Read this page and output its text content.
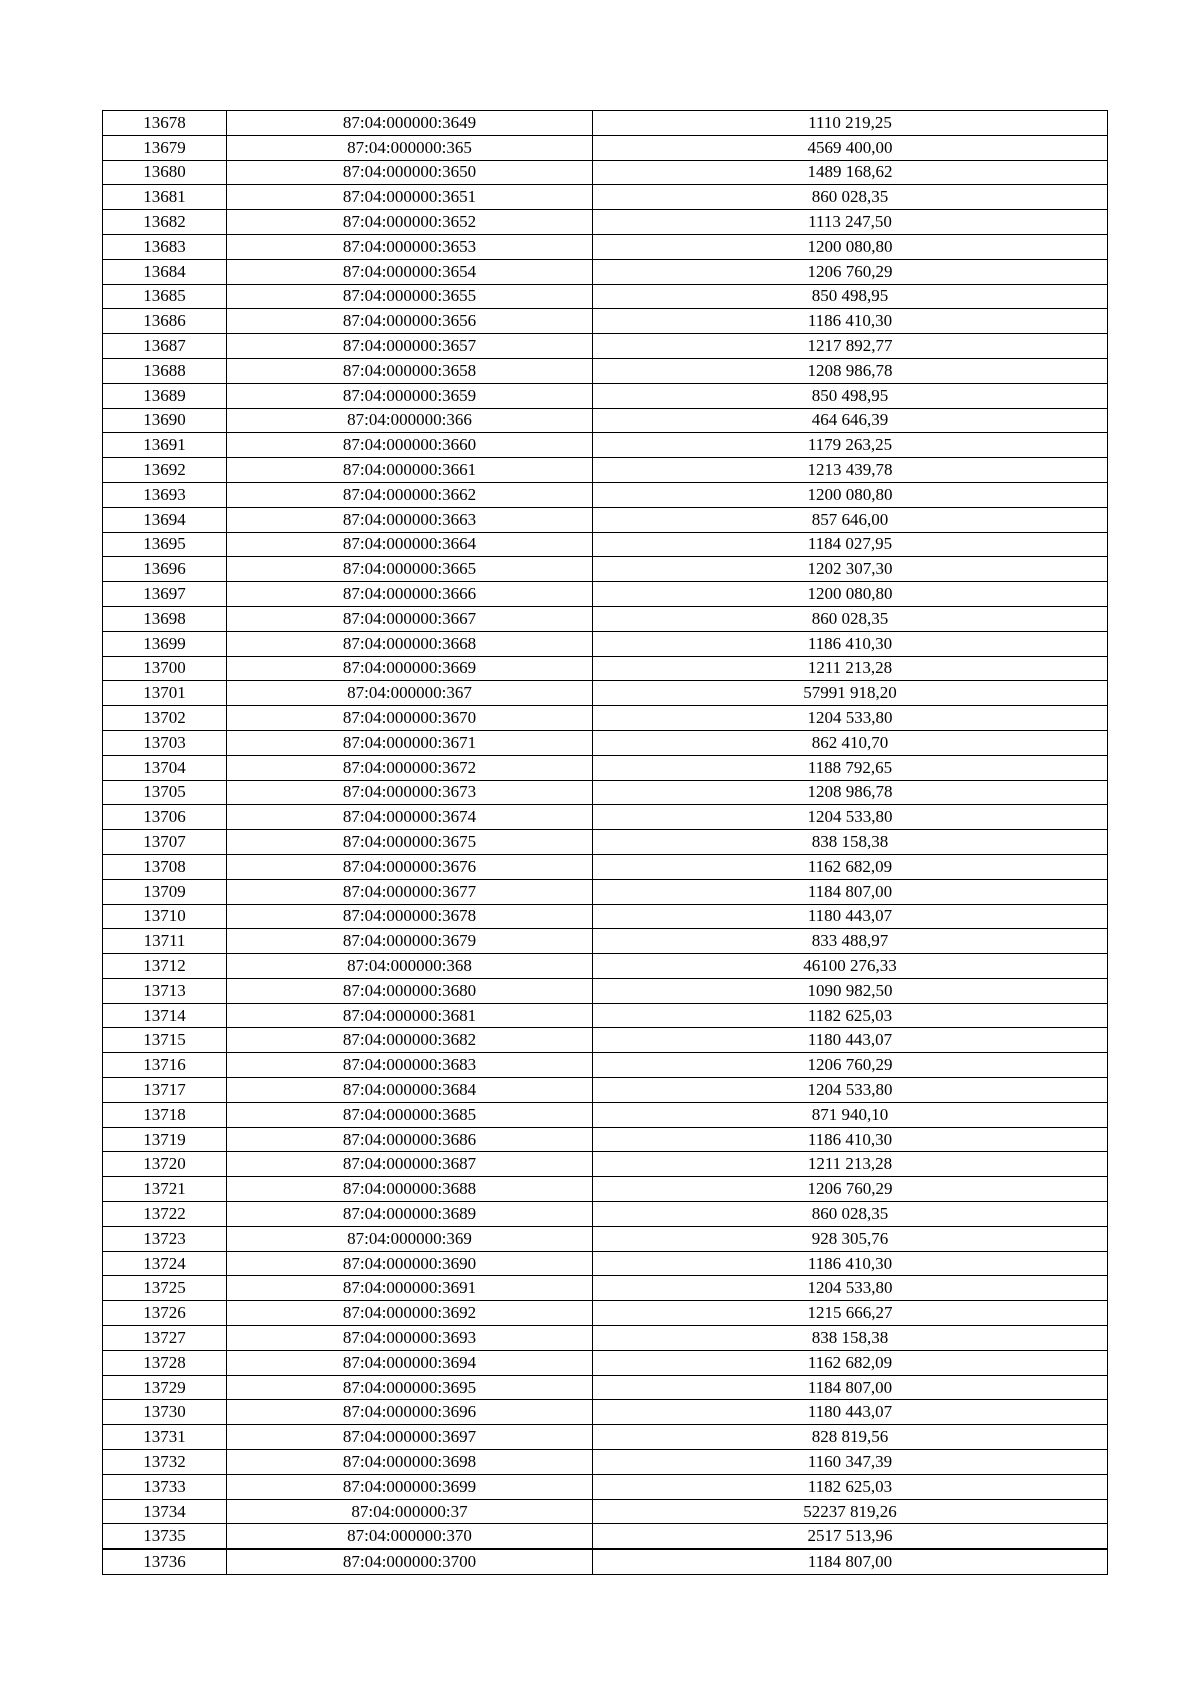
13678	87:04:000000:3649	1110 219,25
13679	87:04:000000:365	4569 400,00
13680	87:04:000000:3650	1489 168,62
13681	87:04:000000:3651	860 028,35
13682	87:04:000000:3652	1113 247,50
13683	87:04:000000:3653	1200 080,80
13684	87:04:000000:3654	1206 760,29
13685	87:04:000000:3655	850 498,95
13686	87:04:000000:3656	1186 410,30
13687	87:04:000000:3657	1217 892,77
13688	87:04:000000:3658	1208 986,78
13689	87:04:000000:3659	850 498,95
13690	87:04:000000:366	464 646,39
13691	87:04:000000:3660	1179 263,25
13692	87:04:000000:3661	1213 439,78
13693	87:04:000000:3662	1200 080,80
13694	87:04:000000:3663	857 646,00
13695	87:04:000000:3664	1184 027,95
13696	87:04:000000:3665	1202 307,30
13697	87:04:000000:3666	1200 080,80
13698	87:04:000000:3667	860 028,35
13699	87:04:000000:3668	1186 410,30
13700	87:04:000000:3669	1211 213,28
13701	87:04:000000:367	57991 918,20
13702	87:04:000000:3670	1204 533,80
13703	87:04:000000:3671	862 410,70
13704	87:04:000000:3672	1188 792,65
13705	87:04:000000:3673	1208 986,78
13706	87:04:000000:3674	1204 533,80
13707	87:04:000000:3675	838 158,38
13708	87:04:000000:3676	1162 682,09
13709	87:04:000000:3677	1184 807,00
13710	87:04:000000:3678	1180 443,07
13711	87:04:000000:3679	833 488,97
13712	87:04:000000:368	46100 276,33
13713	87:04:000000:3680	1090 982,50
13714	87:04:000000:3681	1182 625,03
13715	87:04:000000:3682	1180 443,07
13716	87:04:000000:3683	1206 760,29
13717	87:04:000000:3684	1204 533,80
13718	87:04:000000:3685	871 940,10
13719	87:04:000000:3686	1186 410,30
13720	87:04:000000:3687	1211 213,28
13721	87:04:000000:3688	1206 760,29
13722	87:04:000000:3689	860 028,35
13723	87:04:000000:369	928 305,76
13724	87:04:000000:3690	1186 410,30
13725	87:04:000000:3691	1204 533,80
13726	87:04:000000:3692	1215 666,27
13727	87:04:000000:3693	838 158,38
13728	87:04:000000:3694	1162 682,09
13729	87:04:000000:3695	1184 807,00
13730	87:04:000000:3696	1180 443,07
13731	87:04:000000:3697	828 819,56
13732	87:04:000000:3698	1160 347,39
13733	87:04:000000:3699	1182 625,03
13734	87:04:000000:37	52237 819,26
13735	87:04:000000:370	2517 513,96
13736	87:04:000000:3700	1184 807,00
